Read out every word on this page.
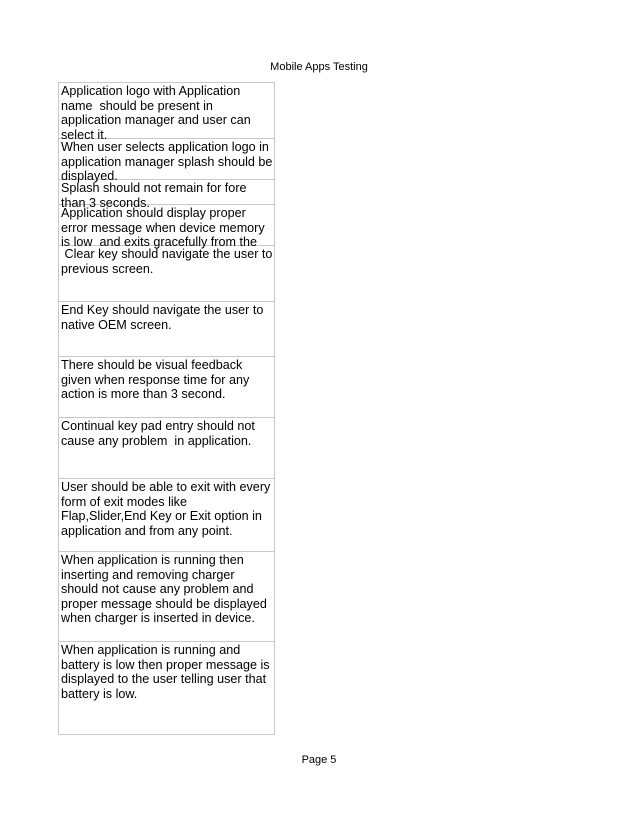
Mobile Apps Testing
Application logo with Application name  should be present in application manager and user can select it.
When user selects application logo in application manager splash should be displayed.
Splash should not remain for fore than 3 seconds.
Application should display proper error message when device memory is low  and exits gracefully from the
Clear key should navigate the user to previous screen.
End Key should navigate the user to native OEM screen.
There should be visual feedback given when response time for any action is more than 3 second.
Continual key pad entry should not cause any problem  in application.
User should be able to exit with every form of exit modes like Flap,Slider,End Key or Exit option in application and from any point.
When application is running then inserting and removing charger should not cause any problem and proper message should be displayed when charger is inserted in device.
When application is running and battery is low then proper message is displayed to the user telling user that battery is low.
Page 5
